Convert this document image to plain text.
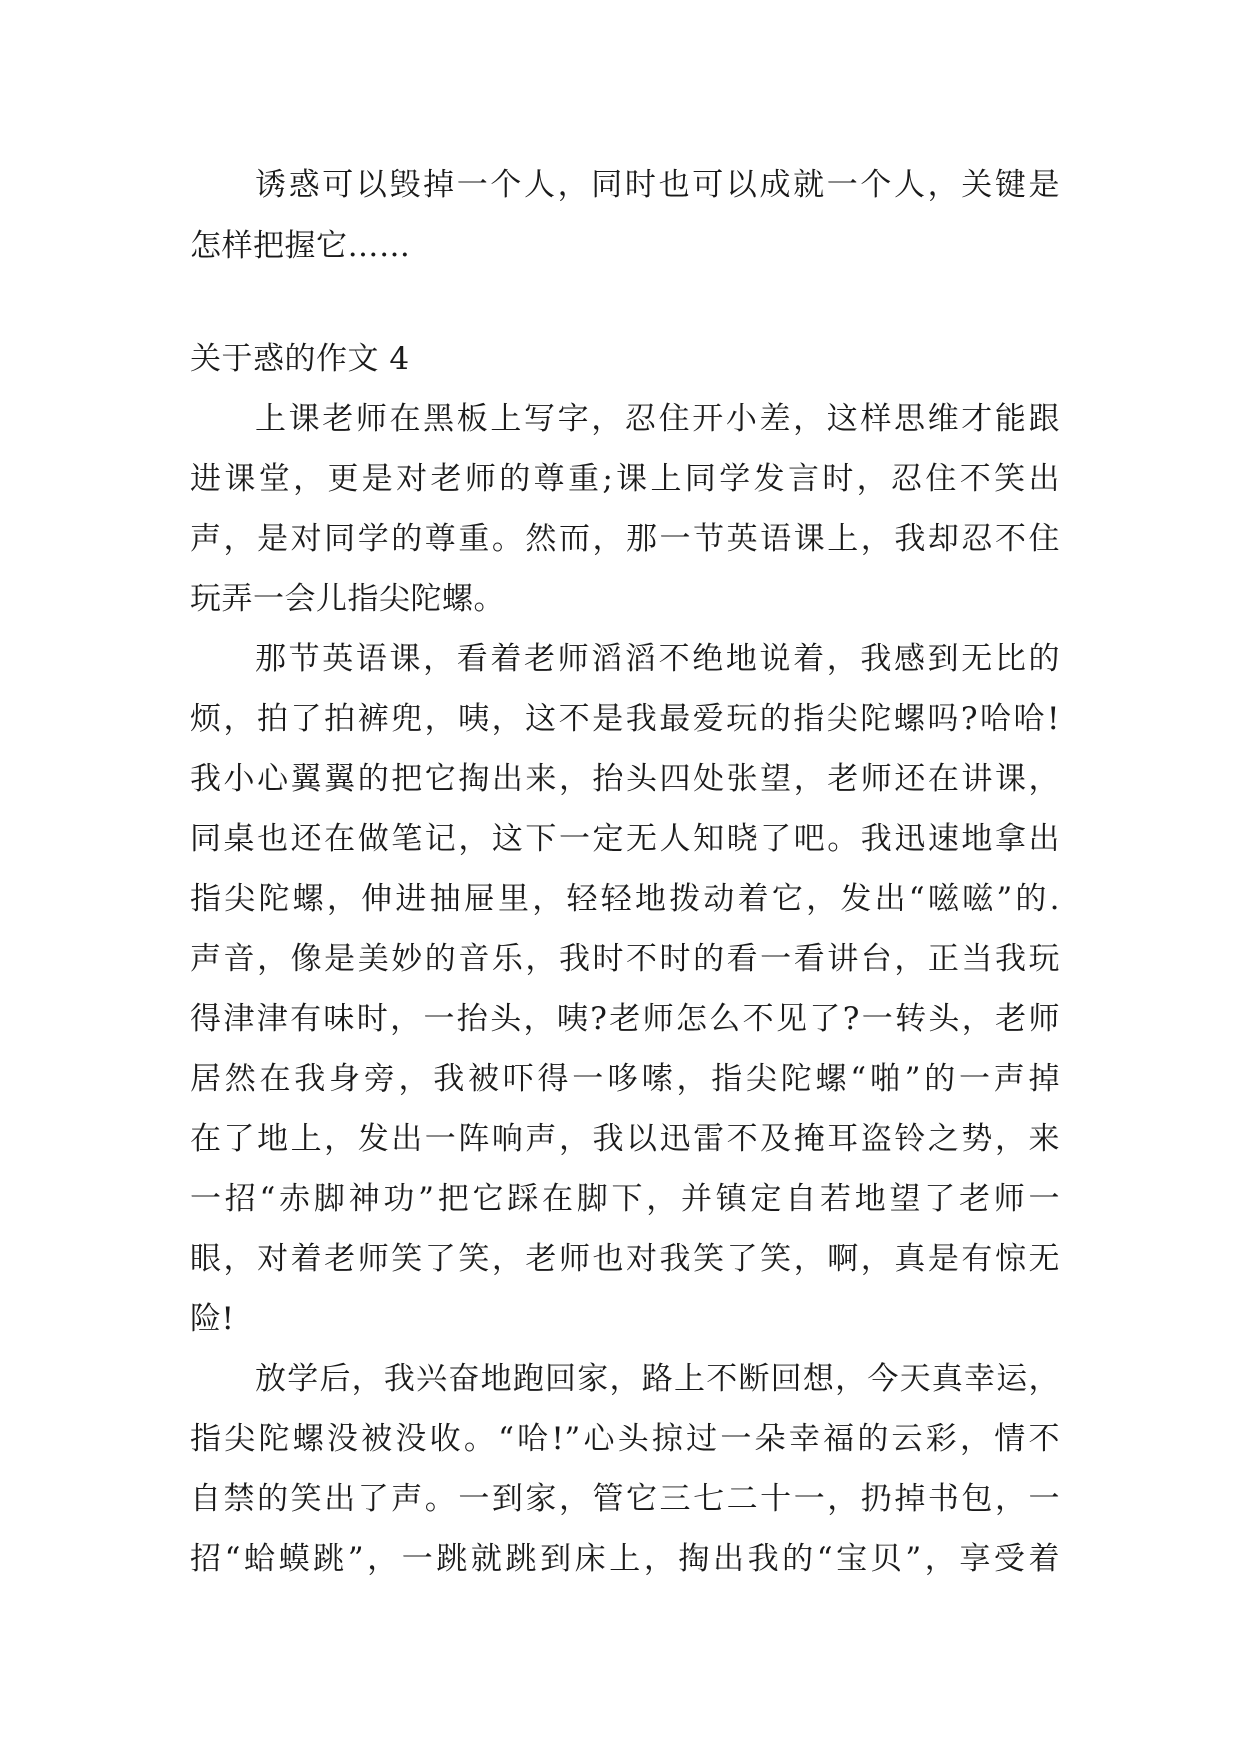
诱惑可以毁掉一个人，同时也可以成就一个人，关键是
怎样把握它……
关于惑的作文 4
上课老师在黑板上写字，忍住开小差，这样思维才能跟
进课堂，更是对老师的尊重;课上同学发言时，忍住不笑出
声，是对同学的尊重。然而，那一节英语课上，我却忍不住
玩弄一会儿指尖陀螺。
那节英语课，看着老师滔滔不绝地说着，我感到无比的
烦，拍了拍裤兜，咦，这不是我最爱玩的指尖陀螺吗?哈哈!
我小心翼翼的把它掏出来，抬头四处张望，老师还在讲课，
同桌也还在做笔记，这下一定无人知晓了吧。我迅速地拿出
指尖陀螺，伸进抽屉里，轻轻地拨动着它，发出“嗞嗞”的.
声音，像是美妙的音乐，我时不时的看一看讲台，正当我玩
得津津有味时，一抬头，咦?老师怎么不见了?一转头，老师
居然在我身旁，我被吓得一哆嗦，指尖陀螺“啪”的一声掉
在了地上，发出一阵响声，我以迅雷不及掩耳盗铃之势，来
一招“赤脚神功”把它踩在脚下，并镇定自若地望了老师一
眼，对着老师笑了笑，老师也对我笑了笑，啊，真是有惊无
险!
放学后，我兴奋地跑回家，路上不断回想，今天真幸运，
指尖陀螺没被没收。“哈!”心头掠过一朵幸福的云彩，情不
自禁的笑出了声。一到家，管它三七二十一，扔掉书包，一
招“蛤蟆跳”，一跳就跳到床上，掏出我的“宝贝”，享受着
